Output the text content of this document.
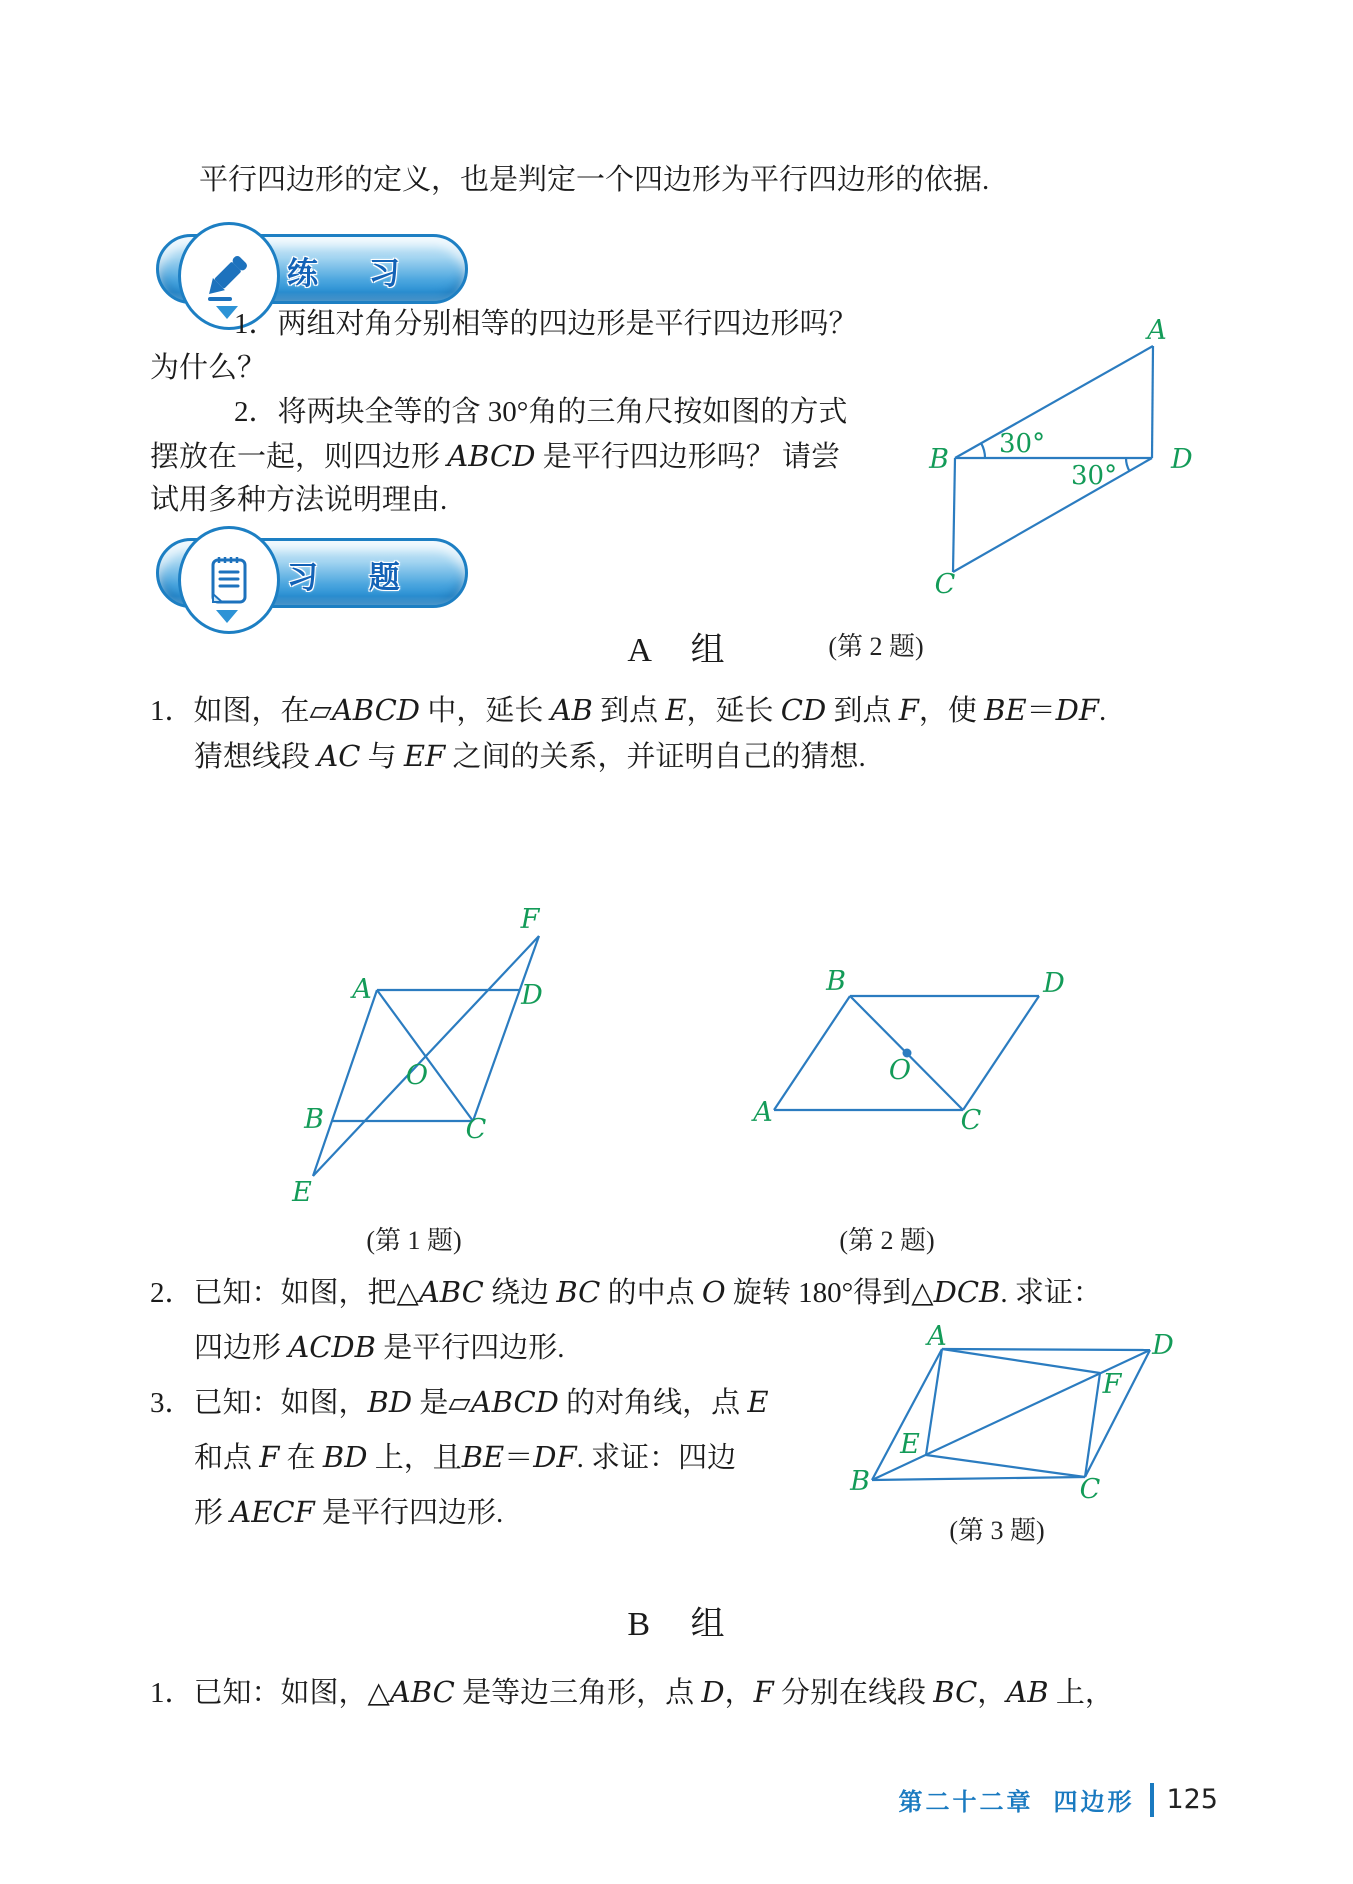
平行四边形的定义，也是判定一个四边形为平行四边形的依据.
练 习
1．两组对角分别相等的四边形是平行四边形吗？
为什么？
2．将两块全等的含 30°角的三角尺按如图的方式
摆放在一起，则四边形 ABCD 是平行四边形吗？ 请尝
试用多种方法说明理由.
A
B	D
C
30°
30°
(第 2 题)
习 题
A 组
1．如图，在▱ABCD 中，延长 AB 到点 E，延长 CD 到点 F，使 BE＝DF.
猜想线段 AC 与 EF 之间的关系，并证明自己的猜想.
F
A	D
O
B	C
E
(第 1 题)
B	D
A	C
O
(第 2 题)
2．已知：如图，把△ABC 绕边 BC 的中点 O 旋转 180°得到△DCB. 求证：
四边形 ACDB 是平行四边形.
3．已知：如图，BD 是▱ABCD 的对角线，点 E
和点 F 在 BD 上，且BE＝DF. 求证：四边
形 AECF 是平行四边形.
A	D
F
E
B	C
(第 3 题)
B 组
1．已知：如图，△ABC 是等边三角形，点 D，F 分别在线段 BC，AB 上，
第二十二章 四边形 125
